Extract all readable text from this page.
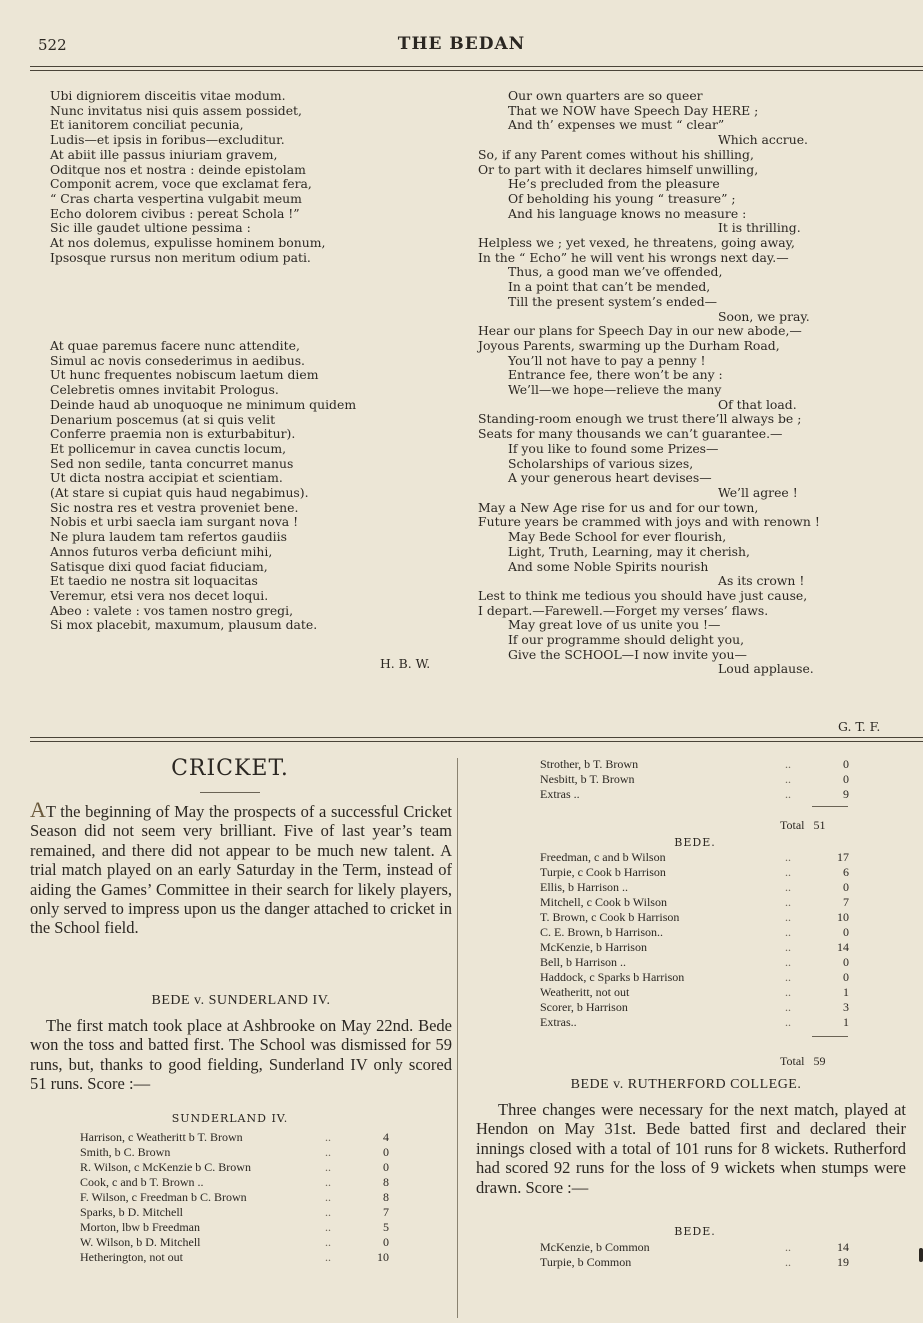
522	THE BEDAN
Ubi digniorem disceitis vitae modum.
Nunc invitatus nisi quis assem possidet,
Et ianitorem conciliat pecunia,
Ludis—et ipsis in foribus—excluditur.
At abiit ille passus iniuriam gravem,
Oditque nos et nostra : deinde epistolam
Componit acrem, voce que exclamat fera,
“ Cras charta vespertina vulgabit meum
Echo dolorem civibus : pereat Schola !”
Sic ille gaudet ultione pessima :
At nos dolemus, expulisse hominem bonum,
Ipsosque rursus non meritum odium pati.
At quae paremus facere nunc attendite,
Simul ac novis consederimus in aedibus.
Ut hunc frequentes nobiscum laetum diem
Celebretis omnes invitabit Prologus.
Deinde haud ab unoquoque ne minimum quidem
Denarium poscemus (at si quis velit
Conferre praemia non is exturbabitur).
Et pollicemur in cavea cunctis locum,
Sed non sedile, tanta concurret manus
Ut dicta nostra accipiat et scientiam.
(At stare si cupiat quis haud negabimus).
Sic nostra res et vestra proveniet bene.
Nobis et urbi saecla iam surgant nova !
Ne plura laudem tam refertos gaudiis
Annos futuros verba deficiunt mihi,
Satisque dixi quod faciat fiduciam,
Et taedio ne nostra sit loquacitas
Veremur, etsi vera nos decet loqui.
Abeo : valete : vos tamen nostro gregi,
Si mox placebit, maxumum, plausum date.
H. B. W.
Our own quarters are so queer
That we NOW have Speech Day HERE ;
And th’ expenses we must “ clear”
Which accrue.
So, if any Parent comes without his shilling,
Or to part with it declares himself unwilling,
He’s precluded from the pleasure
Of beholding his young “ treasure” ;
And his language knows no measure :
It is thrilling.
Helpless we ; yet vexed, he threatens, going away,
In the “ Echo” he will vent his wrongs next day.—
Thus, a good man we’ve offended,
In a point that can’t be mended,
Till the present system’s ended—
Soon, we pray.
Hear our plans for Speech Day in our new abode,—
Joyous Parents, swarming up the Durham Road,
You’ll not have to pay a penny !
Entrance fee, there won’t be any :
We’ll—we hope—relieve the many
Of that load.
Standing-room enough we trust there’ll always be ;
Seats for many thousands we can’t guarantee.—
If you like to found some Prizes—
Scholarships of various sizes,
A your generous heart devises—
We’ll agree !
May a New Age rise for us and for our town,
Future years be crammed with joys and with renown !
May Bede School for ever flourish,
Light, Truth, Learning, may it cherish,
And some Noble Spirits nourish
As its crown !
Lest to think me tedious you should have just cause,
I depart.—Farewell.—Forget my verses’ flaws.
May great love of us unite you !—
If our programme should delight you,
Give the SCHOOL—I now invite you—
Loud applause.
G. T. F.
CRICKET.
AT the beginning of May the prospects of a successful Cricket Season did not seem very brilliant. Five of last year’s team remained, and there did not appear to be much new talent. A trial match played on an early Saturday in the Term, instead of aiding the Games’ Committee in their search for likely players, only served to impress upon us the danger attached to cricket in the School field.
BEDE v. SUNDERLAND IV.
The first match took place at Ashbrooke on May 22nd. Bede won the toss and batted first. The School was dismissed for 59 runs, but, thanks to good fielding, Sunderland IV only scored 51 runs. Score :—
SUNDERLAND IV.
Harrison, c Weatheritt b T. Brown	..	4
Smith, b C. Brown	..	0
R. Wilson, c McKenzie b C. Brown	..	0
Cook, c and b T. Brown ..	..	8
F. Wilson, c Freedman b C. Brown	..	8
Sparks, b D. Mitchell	..	7
Morton, lbw b Freedman	..	5
W. Wilson, b D. Mitchell	..	0
Hetherington, not out	..	10
Strother, b T. Brown	..	0
Nesbitt, b T. Brown	..	0
Extras ..	..	9
Total 51
BEDE.
Freedman, c and b Wilson	..	17
Turpie, c Cook b Harrison	..	6
Ellis, b Harrison ..	..	0
Mitchell, c Cook b Wilson	..	7
T. Brown, c Cook b Harrison	..	10
C. E. Brown, b Harrison..	..	0
McKenzie, b Harrison	..	14
Bell, b Harrison ..	..	0
Haddock, c Sparks b Harrison	..	0
Weatheritt, not out	..	1
Scorer, b Harrison	..	3
Extras..	..	1
Total 59
BEDE v. RUTHERFORD COLLEGE.
Three changes were necessary for the next match, played at Hendon on May 31st. Bede batted first and declared their innings closed with a total of 101 runs for 8 wickets. Rutherford had scored 92 runs for the loss of 9 wickets when stumps were drawn. Score :—
BEDE.
McKenzie, b Common	..	14
Turpie, b Common	..	19
